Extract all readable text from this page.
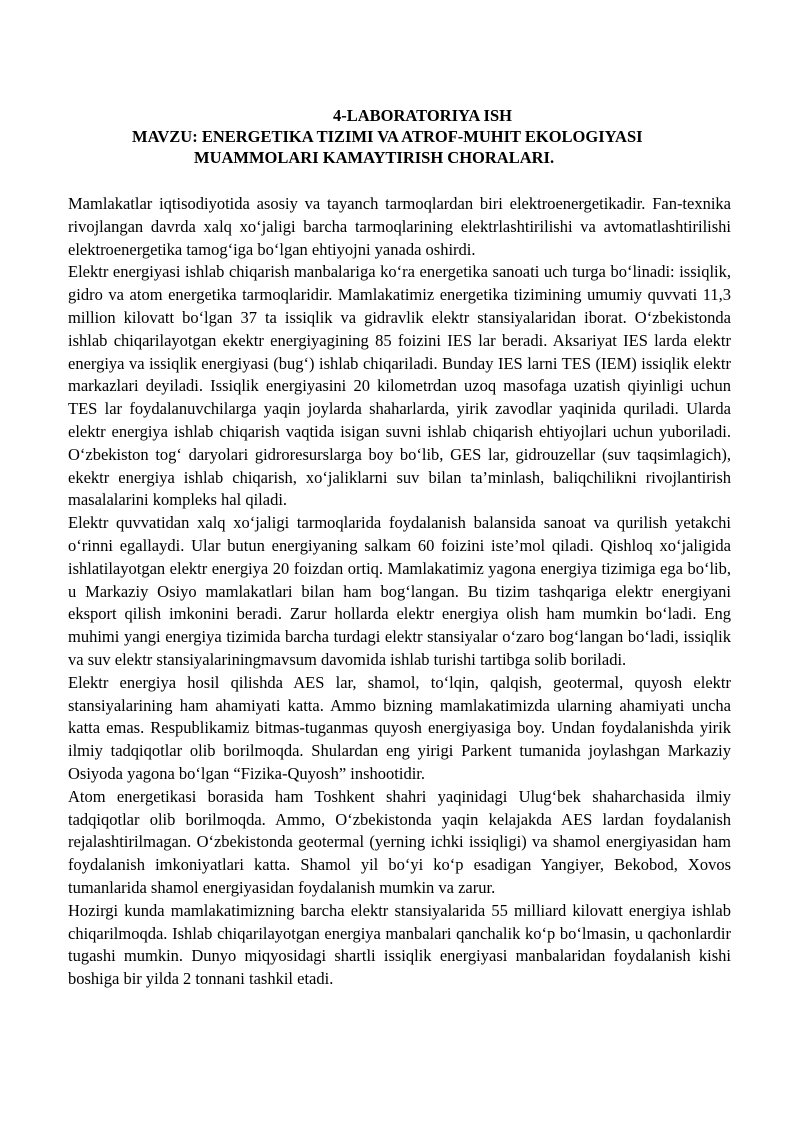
4-LABORATORIYA ISH
MAVZU: ENERGETIKA TIZIMI VA ATROF-MUHIT EKOLOGIYASI
MUAMMOLARI KAMAYTIRISH CHORALARI.

Mamlakatlar iqtisodiyotida asosiy va tayanch tarmoqlardan biri elektroenergetikadir. Fan-texnika rivojlangan davrda xalq xo‘jaligi barcha tarmoqlarining elektrlashtirilishi va avtomatlashtirilishi elektroenergetika tamog‘iga bo‘lgan ehtiyojni yanada oshirdi.

Elektr energiyasi ishlab chiqarish manbalariga ko‘ra energetika sanoati uch turga bo‘linadi: issiqlik, gidro va atom energetika tarmoqlaridir. Mamlakatimiz energetika tizimining umumiy quvvati 11,3 million kilovatt bo‘lgan 37 ta issiqlik va gidravlik elektr stansiyalaridan iborat. O‘zbekistonda ishlab chiqarilayotgan ekektr energiyagining 85 foizini IES lar beradi. Aksariyat IES larda elektr energiya va issiqlik energiyasi (bug‘) ishlab chiqariladi. Bunday IES larni TES (IEM) issiqlik elektr markazlari deyiladi. Issiqlik energiyasini 20 kilometrdan uzoq masofaga uzatish qiyinligi uchun TES lar foydalanuvchilarga yaqin joylarda shaharlarda, yirik zavodlar yaqinida quriladi. Ularda elektr energiya ishlab chiqarish vaqtida isigan suvni ishlab chiqarish ehtiyojlari uchun yuboriladi. O‘zbekiston tog‘ daryolari gidroresurslarga boy bo‘lib, GES lar, gidrouzellar (suv taqsimlagich), ekektr energiya ishlab chiqarish, xo‘jaliklarni suv bilan ta’minlash, baliqchilikni rivojlantirish masalalarini kompleks hal qiladi.

Elektr quvvatidan xalq xo‘jaligi tarmoqlarida foydalanish balansida sanoat va qurilish yetakchi o‘rinni egallaydi. Ular butun energiyaning salkam 60 foizini iste’mol qiladi. Qishloq xo‘jaligida ishlatilayotgan elektr energiya 20 foizdan ortiq. Mamlakatimiz yagona energiya tizimiga ega bo‘lib, u Markaziy Osiyo mamlakatlari bilan ham bog‘langan. Bu tizim tashqariga elektr energiyani eksport qilish imkonini beradi. Zarur hollarda elektr energiya olish ham mumkin bo‘ladi. Eng muhimi yangi energiya tizimida barcha turdagi elektr stansiyalar o‘zaro bog‘langan bo‘ladi, issiqlik va suv elektr stansiyalariningmavsum davomida ishlab turishi tartibga solib boriladi.

Elektr energiya hosil qilishda AES lar, shamol, to‘lqin, qalqish, geotermal, quyosh elektr stansiyalarining ham ahamiyati katta. Ammo bizning mamlakatimizda ularning ahamiyati uncha katta emas. Respublikamiz bitmas-tuganmas quyosh energiyasiga boy. Undan foydalanishda yirik ilmiy tadqiqotlar olib borilmoqda. Shulardan eng yirigi Parkent tumanida joylashgan Markaziy Osiyoda yagona bo‘lgan “Fizika-Quyosh” inshootidir.

Atom energetikasi borasida ham Toshkent shahri yaqinidagi Ulug‘bek shaharchasida ilmiy tadqiqotlar olib borilmoqda. Ammo, O‘zbekistonda yaqin kelajakda AES lardan foydalanish rejalashtirilmagan. O‘zbekistonda geotermal (yerning ichki issiqligi) va shamol energiyasidan ham foydalanish imkoniyatlari katta. Shamol yil bo‘yi ko‘p esadigan Yangiyer, Bekobod, Xovos tumanlarida shamol energiyasidan foydalanish mumkin va zarur.

Hozirgi kunda mamlakatimizning barcha elektr stansiyalarida 55 milliard kilovatt energiya ishlab chiqarilmoqda. Ishlab chiqarilayotgan energiya manbalari qanchalik ko‘p bo‘lmasin, u qachonlardir tugashi mumkin. Dunyo miqyosidagi shartli issiqlik energiyasi manbalaridan foydalanish kishi boshiga bir yilda 2 tonnani tashkil etadi.
